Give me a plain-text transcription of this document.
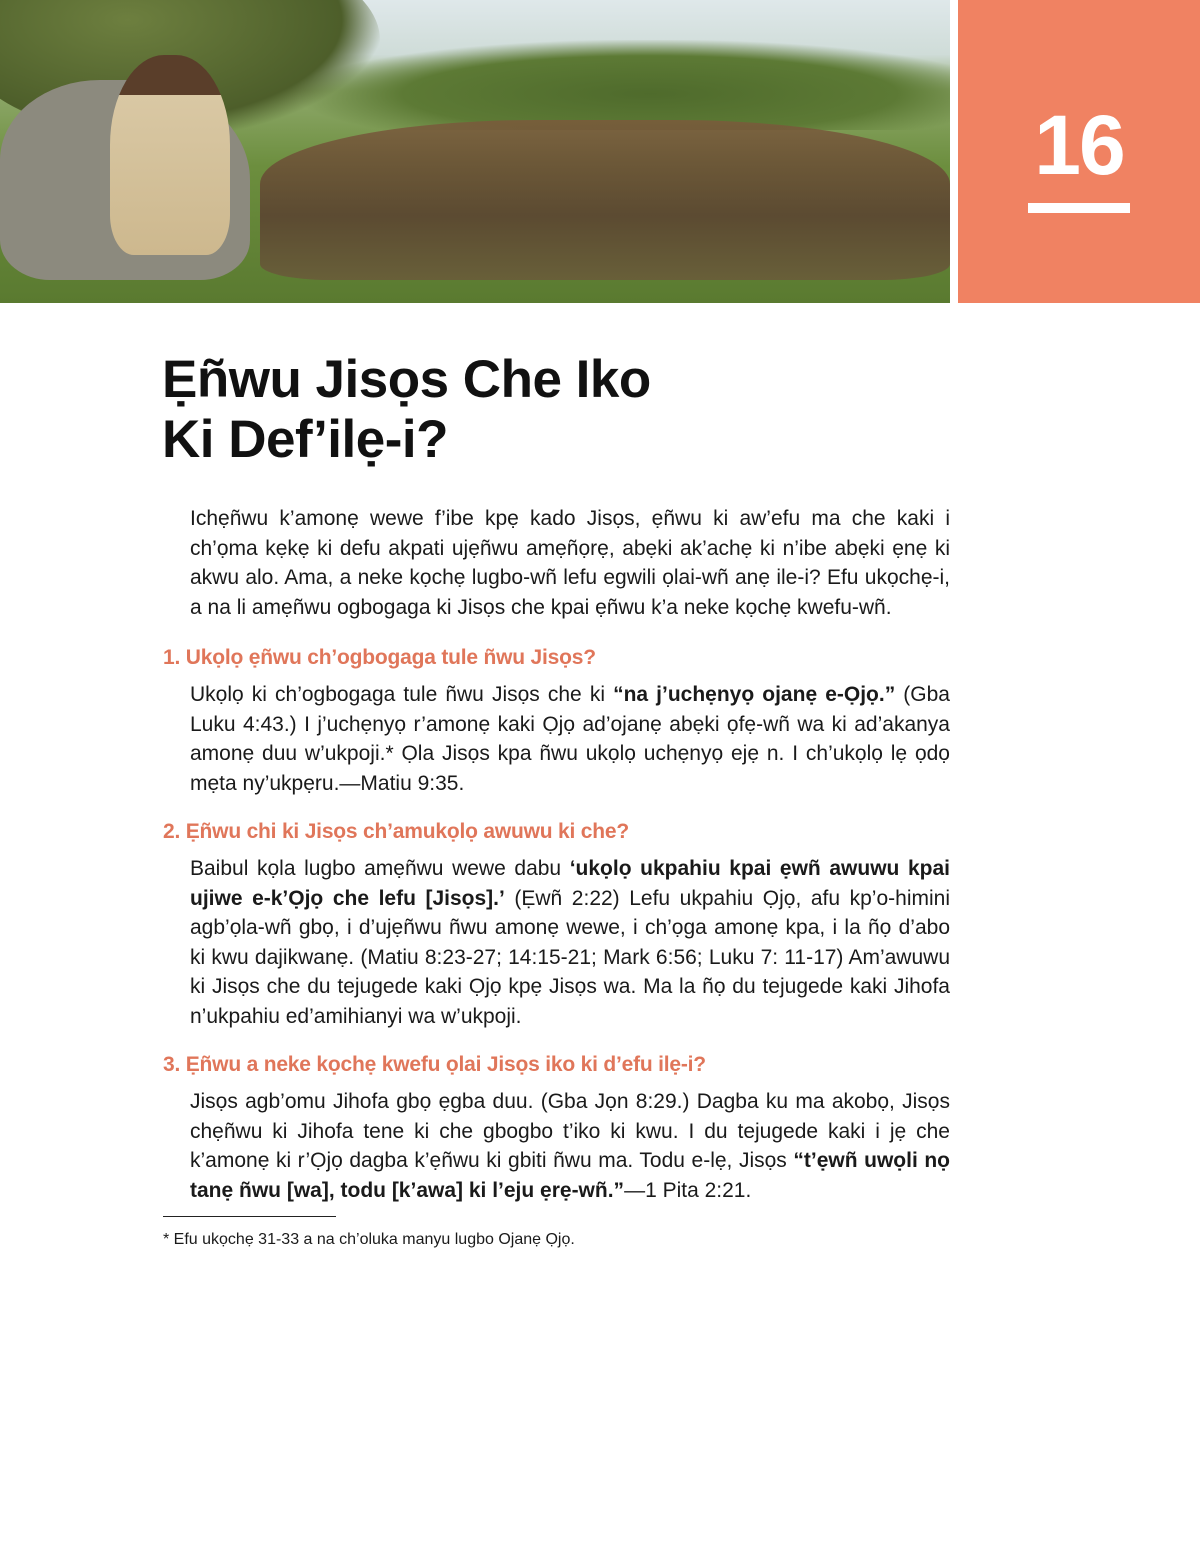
16
Ẹñwu Jisọs Che Iko
Ki Def’ilẹ-i?

Ichẹñwu k’amonẹ wewe f’ibe kpẹ kado Jisọs, ẹñwu ki aw’efu ma che kaki i ch’ọma kẹkẹ ki defu akpati ujẹñwu amẹñọrẹ, abẹki ak’achẹ ki n’ibe abẹki ẹnẹ ki akwu alo. Ama, a neke kọchẹ lugbo-wñ lefu egwili ọlai-wñ anẹ ile-i? Efu ukọchẹ-i, a na li amẹñwu ogbogaga ki Jisọs che kpai ẹñwu k’a neke kọchẹ kwefu-wñ.

1. Ukọlọ ẹñwu ch’ogbogaga tule ñwu Jisọs?

Ukọlọ ki ch’ogbogaga tule ñwu Jisọs che ki “na j’uchẹnyọ ojanẹ e-Ọjọ.” (Gba Luku 4:43.) I j’uchẹnyọ r’amonẹ kaki Ọjọ ad’ojanẹ abẹki ọfẹ-wñ wa ki ad’akanya amonẹ duu w’ukpoji.* Ọla Jisọs kpa ñwu ukọlọ uchẹnyọ ejẹ n. I ch’ukọlọ lẹ ọdọ mẹta ny’ukpẹru.—Matiu 9:35.

2. Ẹñwu chi ki Jisọs ch’amukọlọ awuwu ki che?

Baibul kọla lugbo amẹñwu wewe dabu ‘ukọlọ ukpahiu kpai ẹwñ awuwu kpai ujiwe e-k’Ọjọ che lefu [Jisọs].’ (Ẹwñ 2:22) Lefu ukpahiu Ọjọ, afu kp’o-himini agb’ọla-wñ gbọ, i d’ujẹñwu ñwu amonẹ wewe, i ch’ọga amonẹ kpa, i la ñọ d’abo ki kwu dajikwanẹ. (Matiu 8:23-27; 14:15-21; Mark 6:56; Luku 7: 11-17) Am’awuwu ki Jisọs che du tejugede kaki Ọjọ kpẹ Jisọs wa. Ma la ñọ du tejugede kaki Jihofa n’ukpahiu ed’amihianyi wa w’ukpoji.

3. Ẹñwu a neke kọchẹ kwefu ọlai Jisọs iko ki d’efu ilẹ-i?

Jisọs agb’omu Jihofa gbọ ẹgba duu. (Gba Jọn 8:29.) Dagba ku ma akobọ, Jisọs chẹñwu ki Jihofa tene ki che gbogbo t’iko ki kwu. I du tejugede kaki i jẹ che k’amonẹ ki r’Ọjọ dagba k’ẹñwu ki gbiti ñwu ma. Todu e-lẹ, Jisọs “t’ẹwñ uwọli nọ tanẹ ñwu [wa], todu [k’awa] ki l’eju ẹrẹ-wñ.”—1 Pita 2:21.

* Efu ukọchẹ 31-33 a na ch’oluka manyu lugbo Ojanẹ Ọjọ.
